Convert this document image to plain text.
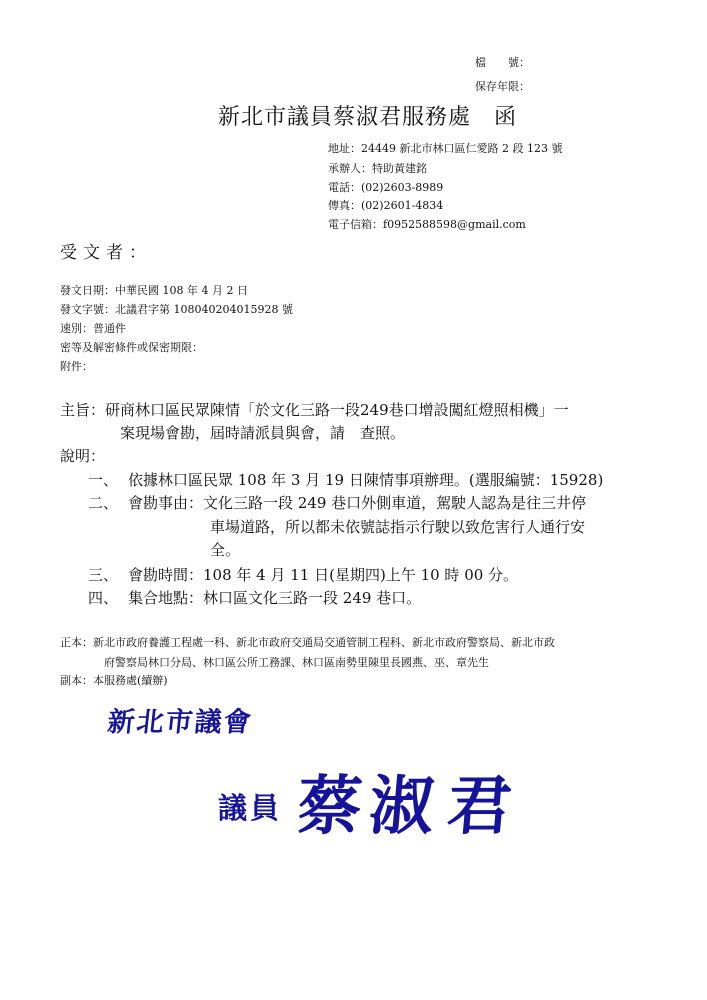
檔　　號：
保存年限：
新北市議員蔡淑君服務處　函
地址：24449 新北市林口區仁愛路 2 段 123 號
承辦人：特助黃建銘
電話：(02)2603-8989
傳真：(02)2601-4834
電子信箱：f0952588598@gmail.com
受文者：
發文日期：中華民國 108 年 4 月 2 日
發文字號：北議君字第 108040204015928 號
速別：普通件
密等及解密條件或保密期限：
附件：
主旨：研商林口區民眾陳情「於文化三路一段249巷口增設闖紅燈照相機」一
案現場會勘，屆時請派員與會，請　查照。
說明：
一、 依據林口區民眾 108 年 3 月 19 日陳情事項辦理。(選服編號：15928)
二、 會勘事由：文化三路一段 249 巷口外側車道，駕駛人認為是往三井停
車場道路，所以都未依號誌指示行駛以致危害行人通行安
全。
三、 會勘時間：108 年 4 月 11 日(星期四)上午 10 時 00 分。
四、 集合地點：林口區文化三路一段 249 巷口。
正本：新北市政府養護工程處一科、新北市政府交通局交通管制工程科、新北市政府警察局、新北市政
府警察局林口分局、林口區公所工務課、林口區南勢里陳里長國燕、巫、章先生
副本：本服務處(續辦)
新北市議會
議員 蔡 淑 君
